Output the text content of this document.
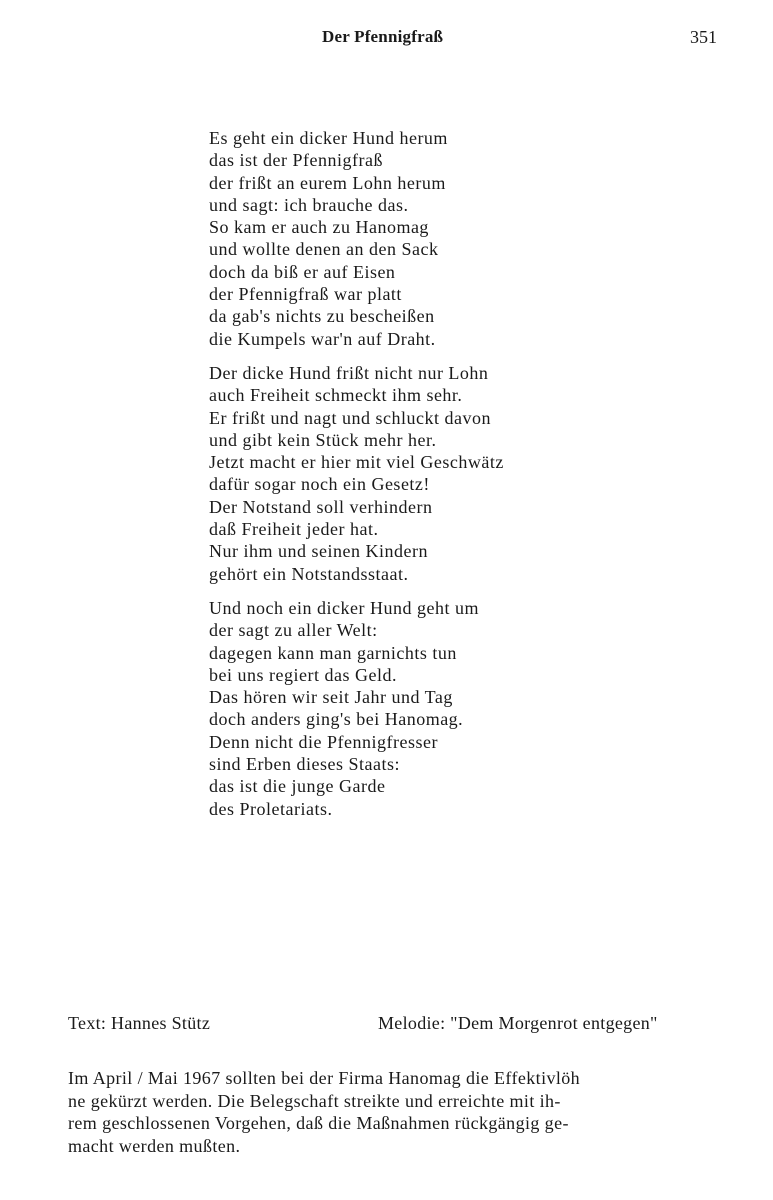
Der Pfennigfraß	351
Es geht ein dicker Hund herum
das ist der Pfennigfraß
der frißt an eurem Lohn herum
und sagt: ich brauche das.
So kam er auch zu Hanomag
und wollte denen an den Sack
doch da biß er auf Eisen
der Pfennigfraß war platt
da gab's nichts zu bescheißen
die Kumpels war'n auf Draht.
Der dicke Hund frißt nicht nur Lohn
auch Freiheit schmeckt ihm sehr.
Er frißt und nagt und schluckt davon
und gibt kein Stück mehr her.
Jetzt macht er hier mit viel Geschwätz
dafür sogar noch ein Gesetz!
Der Notstand soll verhindern
daß Freiheit jeder hat.
Nur ihm und seinen Kindern
gehört ein Notstandsstaat.
Und noch ein dicker Hund geht um
der sagt zu aller Welt:
dagegen kann man garnichts tun
bei uns regiert das Geld.
Das hören wir seit Jahr und Tag
doch anders ging's bei Hanomag.
Denn nicht die Pfennigfresser
sind Erben dieses Staats:
das ist die junge Garde
des Proletariats.
Text: Hannes Stütz	Melodie: "Dem Morgenrot entgegen"
Im April / Mai 1967 sollten bei der Firma Hanomag die Effektivlöh
ne gekürzt werden. Die Belegschaft streikte und erreichte mit ih-
rem geschlossenen Vorgehen, daß die Maßnahmen rückgängig ge-
macht werden mußten.
